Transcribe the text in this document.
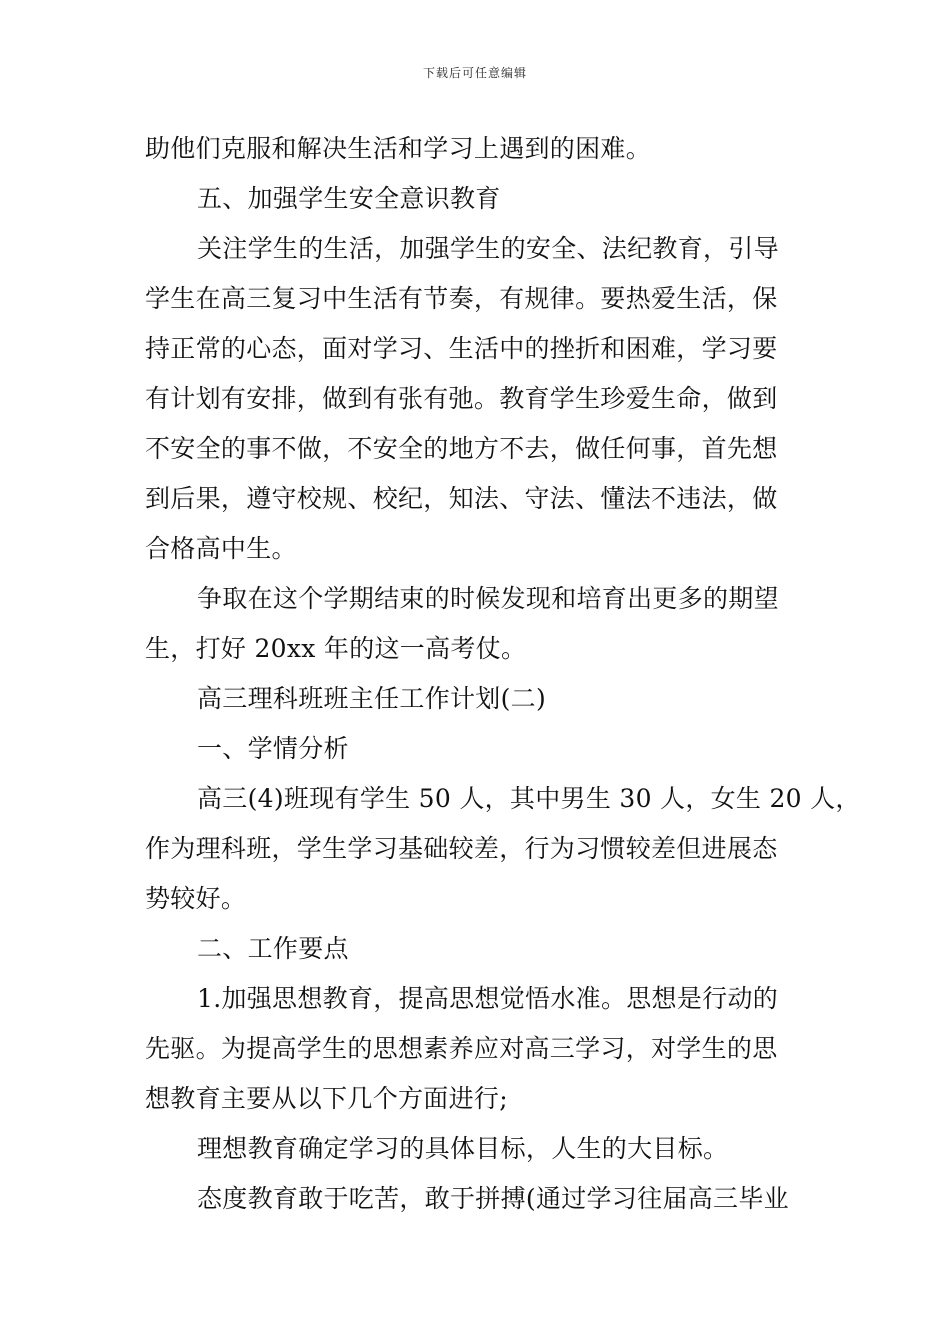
下载后可任意编辑
助他们克服和解决生活和学习上遇到的困难。
五、加强学生安全意识教育
关注学生的生活，加强学生的安全、法纪教育，引导
学生在高三复习中生活有节奏，有规律。要热爱生活，保
持正常的心态，面对学习、生活中的挫折和困难，学习要
有计划有安排，做到有张有弛。教育学生珍爱生命，做到
不安全的事不做，不安全的地方不去，做任何事，首先想
到后果，遵守校规、校纪，知法、守法、懂法不违法，做
合格高中生。
争取在这个学期结束的时候发现和培育出更多的期望
生，打好 20xx 年的这一高考仗。
高三理科班班主任工作计划(二)
一、学情分析
高三(4)班现有学生 50 人，其中男生 30 人，女生 20 人，
作为理科班，学生学习基础较差，行为习惯较差但进展态
势较好。
二、工作要点
1.加强思想教育，提高思想觉悟水准。思想是行动的
先驱。为提高学生的思想素养应对高三学习，对学生的思
想教育主要从以下几个方面进行;
理想教育确定学习的具体目标，人生的大目标。
态度教育敢于吃苦，敢于拼搏(通过学习往届高三毕业
